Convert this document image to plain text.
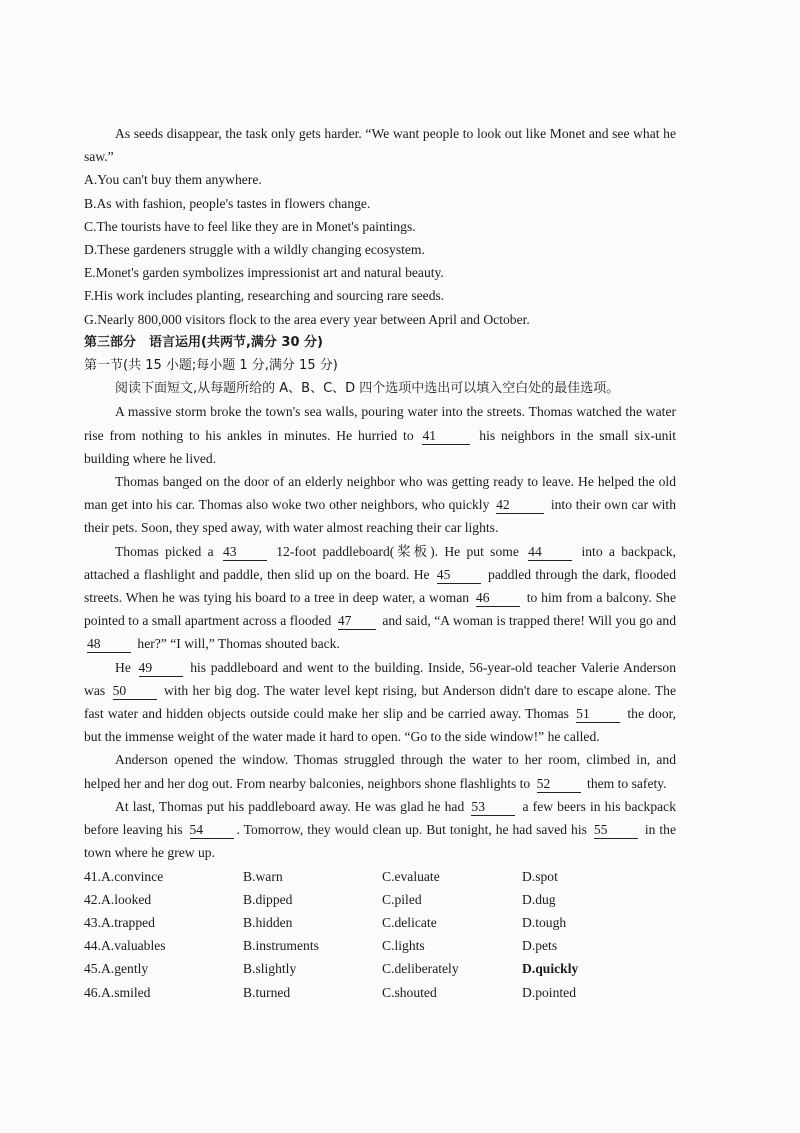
As seeds disappear, the task only gets harder. “We want people to look out like Monet and see what he saw.”

A.You can't buy them anywhere.

B.As with fashion, people's tastes in flowers change.

C.The tourists have to feel like they are in Monet's paintings.

D.These gardeners struggle with a wildly changing ecosystem.

E.Monet's garden symbolizes impressionist art and natural beauty.

F.His work includes planting, researching and sourcing rare seeds.

G.Nearly 800,000 visitors flock to the area every year between April and October.

第三部分　语言运用(共两节,满分 30 分)

第一节(共 15 小题;每小题 1 分,满分 15 分)

阅读下面短文,从每题所给的 A、B、C、D 四个选项中选出可以填入空白处的最佳选项。

A massive storm broke the town's sea walls, pouring water into the streets. Thomas watched the water rise from nothing to his ankles in minutes. He hurried to 41	his neighbors in the small six-unit building where he lived.

Thomas banged on the door of an elderly neighbor who was getting ready to leave. He helped the old man get into his car. Thomas also woke two other neighbors, who quickly 42	into their own car with their pets. Soon, they sped away, with water almost reaching their car lights.

Thomas picked a 43	12-foot paddleboard(桨板). He put some 44	into a backpack, attached a flashlight and paddle, then slid up on the board. He 45	paddled through the dark, flooded streets. When he was tying his board to a tree in deep water, a woman 46	to him from a balcony. She pointed to a small apartment across a flooded 47 and said, “A woman is trapped there! Will you go and 48	her?” “I will,” Thomas shouted back.

He 49	his paddleboard and went to the building. Inside, 56-year-old teacher Valerie Anderson was 50	with her big dog. The water level kept rising, but Anderson didn't dare to escape alone. The fast water and hidden objects outside could make her slip and be carried away. Thomas 51	the door, but the immense weight of the water made it hard to open. “Go to the side window!” he called.

Anderson opened the window. Thomas struggled through the water to her room, climbed in, and helped her and her dog out. From nearby balconies, neighbors shone flashlights to 52	them to safety.

At last, Thomas put his paddleboard away. He was glad he had 53	a few beers in his backpack before leaving his 54 . Tomorrow, they would clean up. But tonight, he had saved his 55	in the town where he grew up.

41.A.convince	B.warn	C.evaluate	D.spot
42.A.looked	B.dipped	C.piled	D.dug
43.A.trapped	B.hidden	C.delicate	D.tough
44.A.valuables	B.instruments	C.lights	D.pets
45.A.gently	B.slightly	C.deliberately	D.quickly
46.A.smiled	B.turned	C.shouted	D.pointed
